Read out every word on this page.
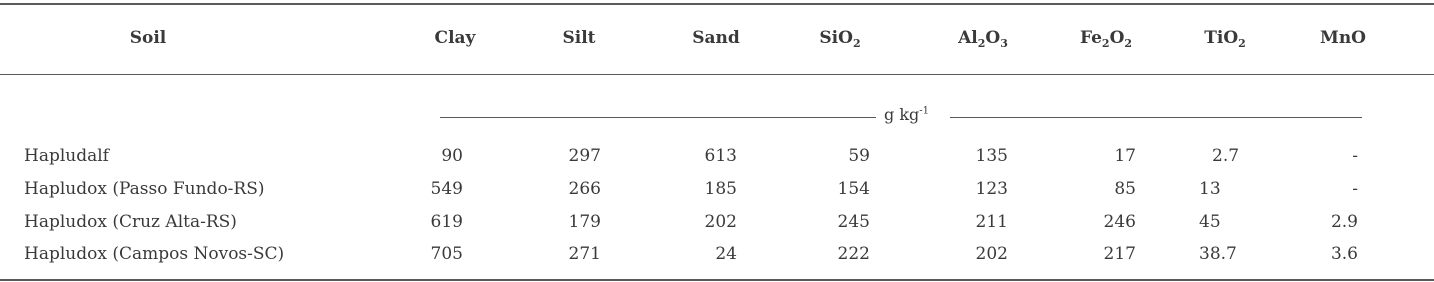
Soil	Clay	Silt	Sand	SiO$_2$	$Al_2O_3$	$Fe_2O_2$	TiO$_2$	MnO
g $kg^{-1}$
Hapludalf	90	297	613	59	135	17	2.7	-
Hapludox (Passo Fundo-RS)	549	266	185	154	123	85	13	-
Hapludox (Cruz Alta-RS)	619	179	202	245	211	246	45	2.9
Hapludox (Campos Novos-SC)	705	271	24	222	202	217	38.7	3.6
